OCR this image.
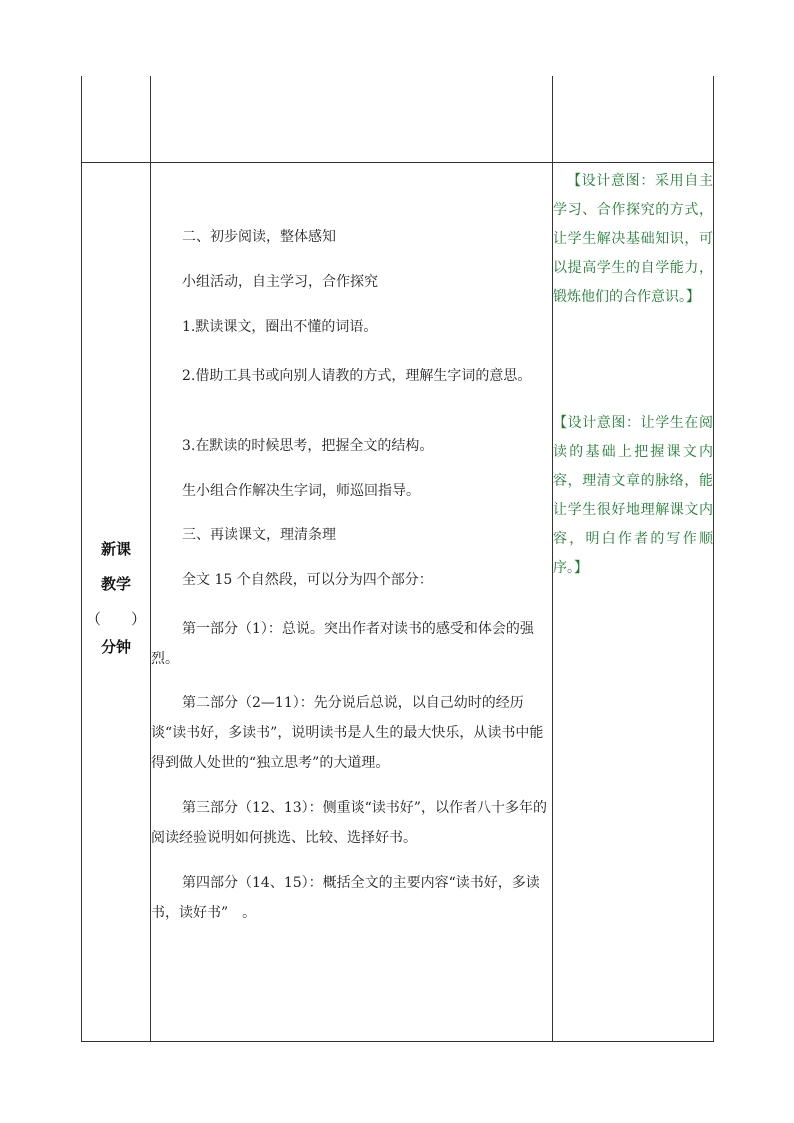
新课
教学
（　　）
分钟

二、初步阅读，整体感知

小组活动，自主学习，合作探究

1.默读课文，圈出不懂的词语。

2.借助工具书或向别人请教的方式，理解生字词的意思。

3.在默读的时候思考，把握全文的结构。

生小组合作解决生字词，师巡回指导。

三、再读课文，理清条理

全文 15 个自然段，可以分为四个部分：

第一部分（1）：总说。突出作者对读书的感受和体会的强烈。

第二部分（2—11）：先分说后总说，以自己幼时的经历谈“读书好，多读书”，说明读书是人生的最大快乐，从读书中能得到做人处世的“独立思考”的大道理。

第三部分（12、13）：侧重谈“读书好”，以作者八十多年的阅读经验说明如何挑选、比较、选择好书。

第四部分（14、15）：概括全文的主要内容“读书好，多读书，读好书”　。

【设计意图：采用自主学习、合作探究的方式，让学生解决基础知识，可以提高学生的自学能力，锻炼他们的合作意识。】

【设计意图：让学生在阅读的基础上把握课文内容，理清文章的脉络，能让学生很好地理解课文内容，明白作者的写作顺序。】
